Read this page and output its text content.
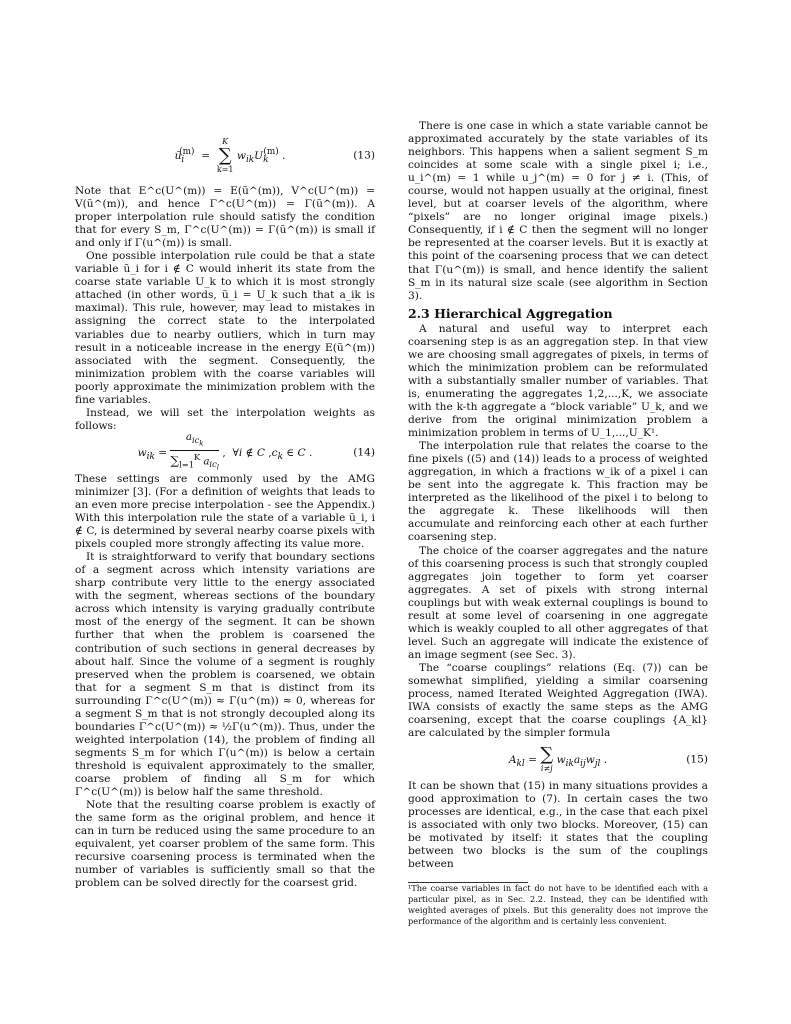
$ũ_i^{(m)}$  =
K
∑
k=1
$w_{ik}U_k^{(m)}$ .	(13)

Note that E^c(U^(m)) = E(ũ^(m)), V^c(U^(m)) = V(ũ^(m)), and hence Γ^c(U^(m)) = Γ(ũ^(m)). A proper interpolation rule should satisfy the condition that for every S_m, Γ^c(U^(m)) = Γ(ũ^(m)) is small if and only if Γ(u^(m)) is small.

One possible interpolation rule could be that a state variable ũ_i for i ∉ C would inherit its state from the coarse state variable U_k to which it is most strongly attached (in other words, ũ_i = U_k such that a_ik is maximal). This rule, however, may lead to mistakes in assigning the correct state to the interpolated variables due to nearby outliers, which in turn may result in a noticeable increase in the energy E(ũ^(m)) associated with the segment. Consequently, the minimization problem with the coarse variables will poorly approximate the minimization problem with the fine variables.

Instead, we will set the interpolation weights as follows:

$w_{ik} = \frac{a_{ic_k}}{\sum_{l=1}^K a_{ic_l}}$ ,  ∀i ∉ C $,c_k$ ∈ C .	(14)

These settings are commonly used by the AMG minimizer [3]. (For a definition of weights that leads to an even more precise interpolation - see the Appendix.) With this interpolation rule the state of a variable ũ_i, i ∉ C, is determined by several nearby coarse pixels with pixels coupled more strongly affecting its value more.

It is straightforward to verify that boundary sections of a segment across which intensity variations are sharp contribute very little to the energy associated with the segment, whereas sections of the boundary across which intensity is varying gradually contribute most of the energy of the segment. It can be shown further that when the problem is coarsened the contribution of such sections in general decreases by about half. Since the volume of a segment is roughly preserved when the problem is coarsened, we obtain that for a segment S_m that is distinct from its surrounding Γ^c(U^(m)) ≈ Γ(u^(m)) ≈ 0, whereas for a segment S_m that is not strongly decoupled along its boundaries Γ^c(U^(m)) ≈ ½Γ(u^(m)). Thus, under the weighted interpolation (14), the problem of finding all segments S_m for which Γ(u^(m)) is below a certain threshold is equivalent approximately to the smaller, coarse problem of finding all S_m for which Γ^c(U^(m)) is below half the same threshold.

Note that the resulting coarse problem is exactly of the same form as the original problem, and hence it can in turn be reduced using the same procedure to an equivalent, yet coarser problem of the same form. This recursive coarsening process is terminated when the number of variables is sufficiently small so that the problem can be solved directly for the coarsest grid.

There is one case in which a state variable cannot be approximated accurately by the state variables of its neighbors. This happens when a salient segment S_m coincides at some scale with a single pixel i; i.e., u_i^(m) = 1 while u_j^(m) = 0 for j ≠ i. (This, of course, would not happen usually at the original, finest level, but at coarser levels of the algorithm, where “pixels” are no longer original image pixels.) Consequently, if i ∉ C then the segment will no longer be represented at the coarser levels. But it is exactly at this point of the coarsening process that we can detect that Γ(u^(m)) is small, and hence identify the salient S_m in its natural size scale (see algorithm in Section 3).

2.3 Hierarchical Aggregation

A natural and useful way to interpret each coarsening step is as an aggregation step. In that view we are choosing small aggregates of pixels, in terms of which the minimization problem can be reformulated with a substantially smaller number of variables. That is, enumerating the aggregates 1,2,...,K, we associate with the k-th aggregate a “block variable” U_k, and we derive from the original minimization problem a minimization problem in terms of U_1,...,U_K¹.

The interpolation rule that relates the coarse to the fine pixels ((5) and (14)) leads to a process of weighted aggregation, in which a fractions w_ik of a pixel i can be sent into the aggregate k. This fraction may be interpreted as the likelihood of the pixel i to belong to the aggregate k. These likelihoods will then accumulate and reinforcing each other at each further coarsening step.

The choice of the coarser aggregates and the nature of this coarsening process is such that strongly coupled aggregates join together to form yet coarser aggregates. A set of pixels with strong internal couplings but with weak external couplings is bound to result at some level of coarsening in one aggregate which is weakly coupled to all other aggregates of that level. Such an aggregate will indicate the existence of an image segment (see Sec. 3).

The “coarse couplings” relations (Eq. (7)) can be somewhat simplified, yielding a similar coarsening process, named Iterated Weighted Aggregation (IWA). IWA consists of exactly the same steps as the AMG coarsening, except that the coarse couplings {A_kl} are calculated by the simpler formula

$A_{kl}$ = ∑
i≠j
$w_{ik}a_{ij}w_{jl}$ .	(15)

It can be shown that (15) in many situations provides a good approximation to (7). In certain cases the two processes are identical, e.g., in the case that each pixel is associated with only two blocks. Moreover, (15) can be motivated by itself: it states that the coupling between two blocks is the sum of the couplings between

¹The coarse variables in fact do not have to be identified each with a particular pixel, as in Sec. 2.2. Instead, they can be identified with weighted averages of pixels. But this generality does not improve the performance of the algorithm and is certainly less convenient.
